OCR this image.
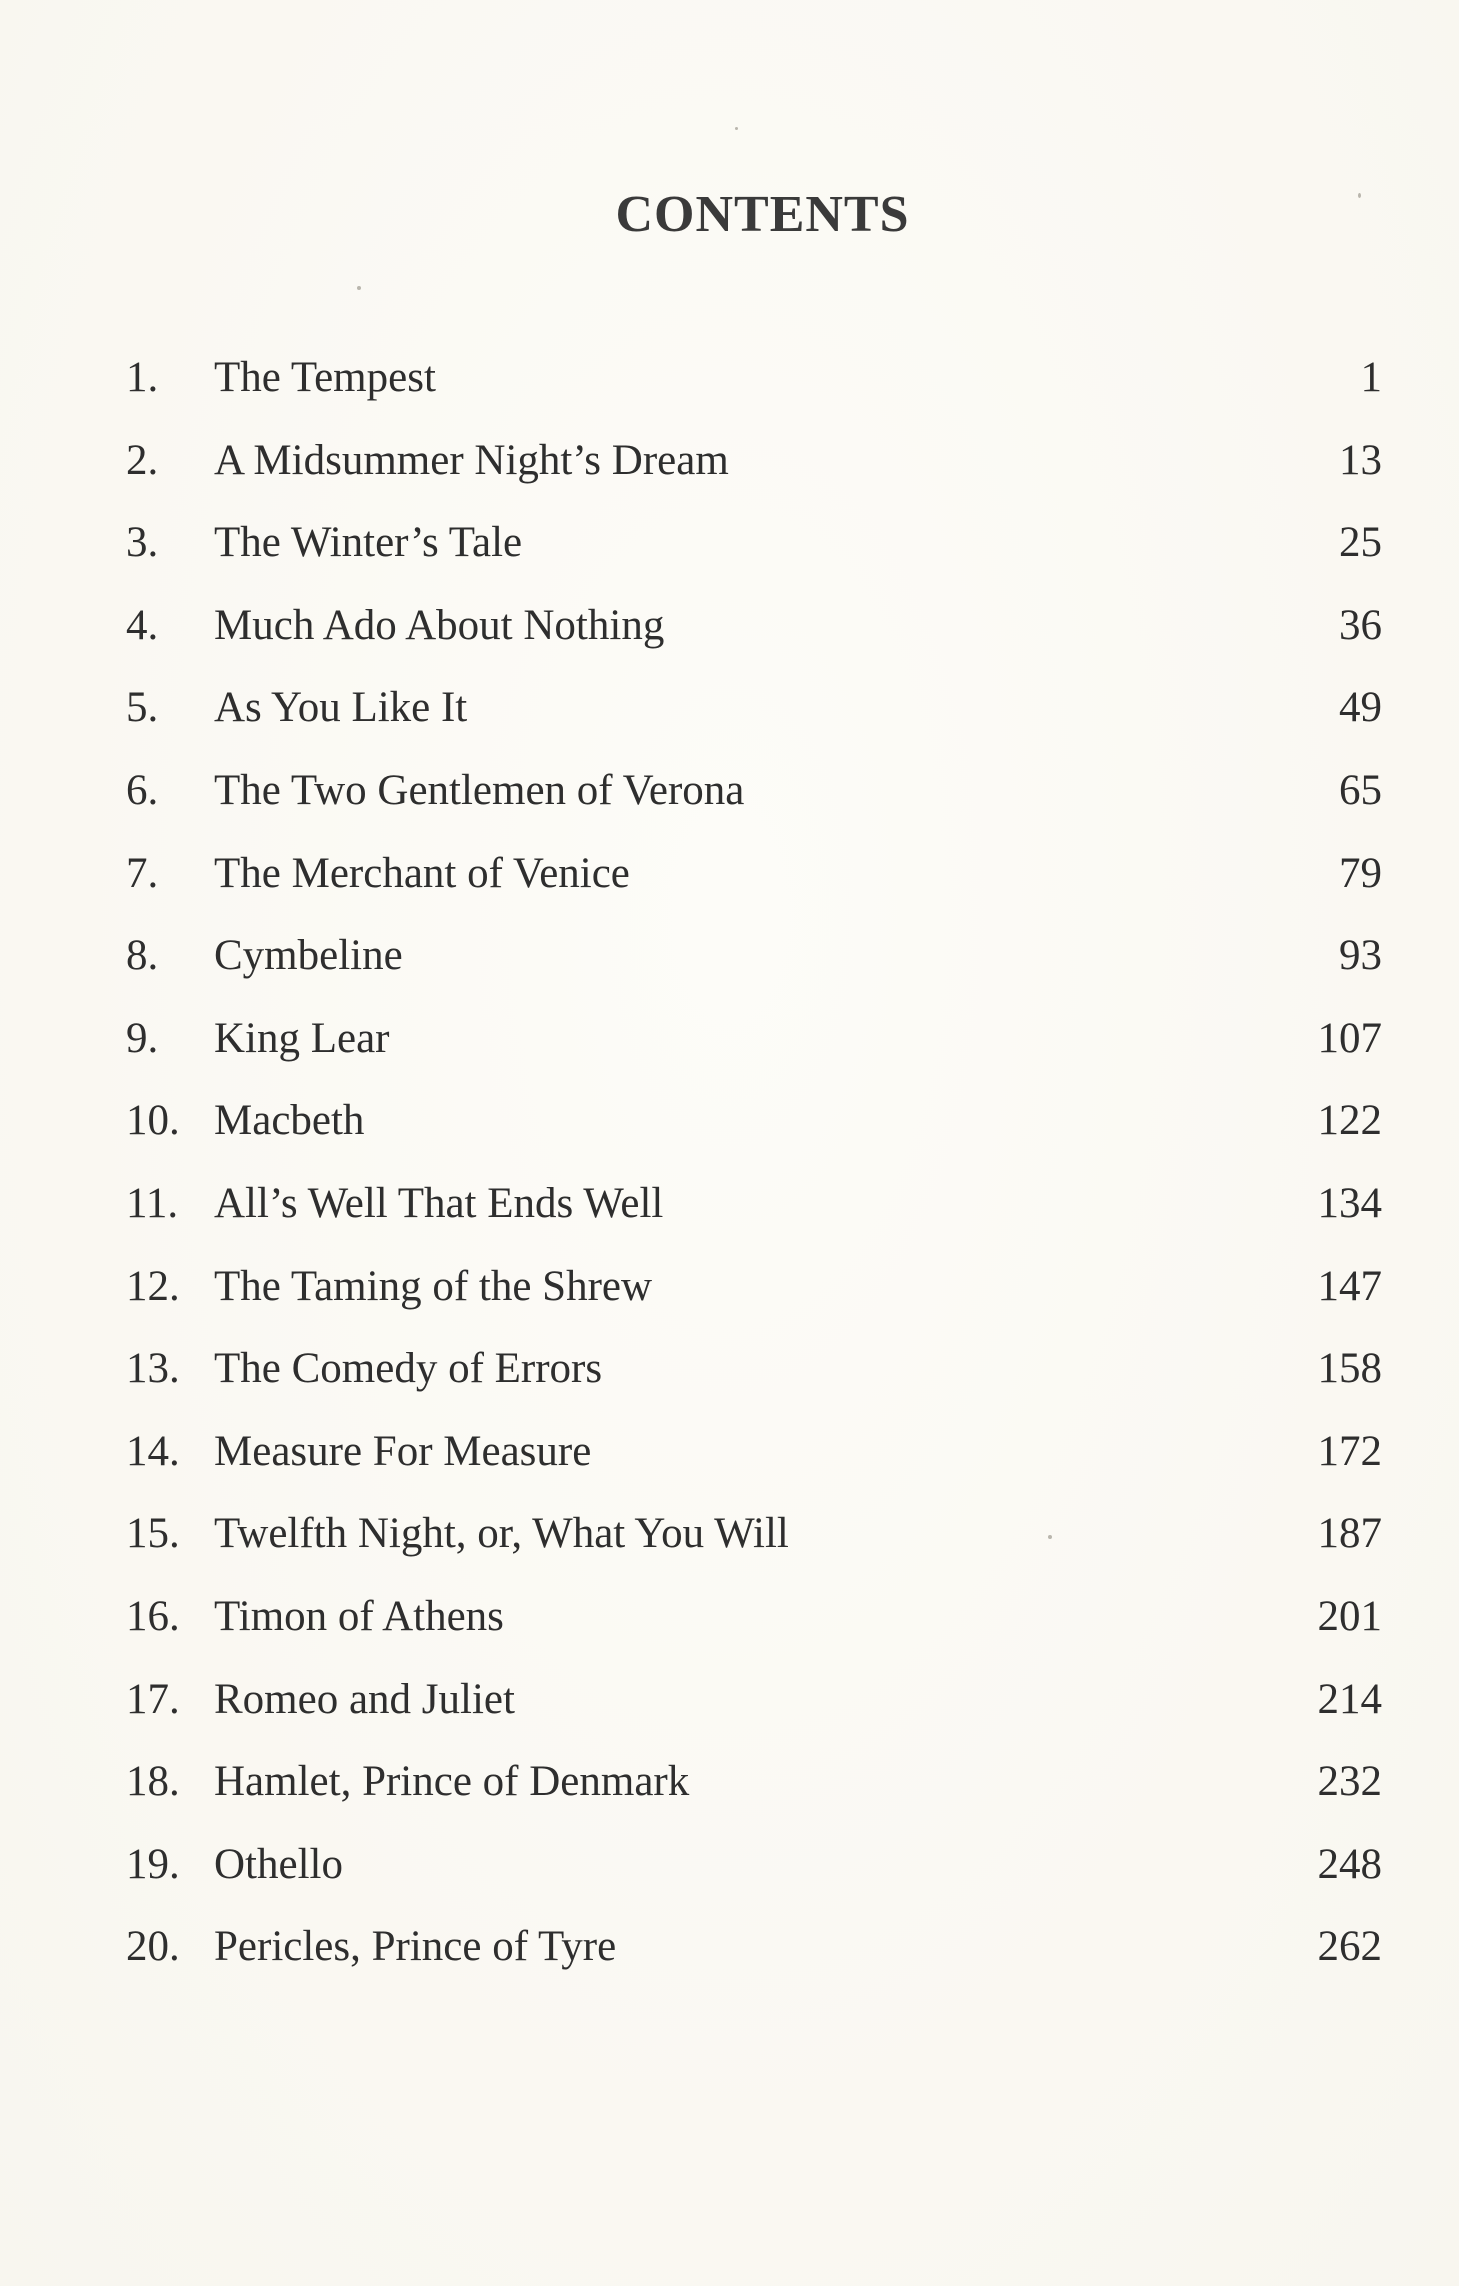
CONTENTS
1. The Tempest	1
2. A Midsummer Night’s Dream	13
3. The Winter’s Tale	25
4. Much Ado About Nothing	36
5. As You Like It	49
6. The Two Gentlemen of Verona	65
7. The Merchant of Venice	79
8. Cymbeline	93
9. King Lear	107
10. Macbeth	122
11. All’s Well That Ends Well	134
12. The Taming of the Shrew	147
13. The Comedy of Errors	158
14. Measure For Measure	172
15. Twelfth Night, or, What You Will	187
16. Timon of Athens	201
17. Romeo and Juliet	214
18. Hamlet, Prince of Denmark	232
19. Othello	248
20. Pericles, Prince of Tyre	262
